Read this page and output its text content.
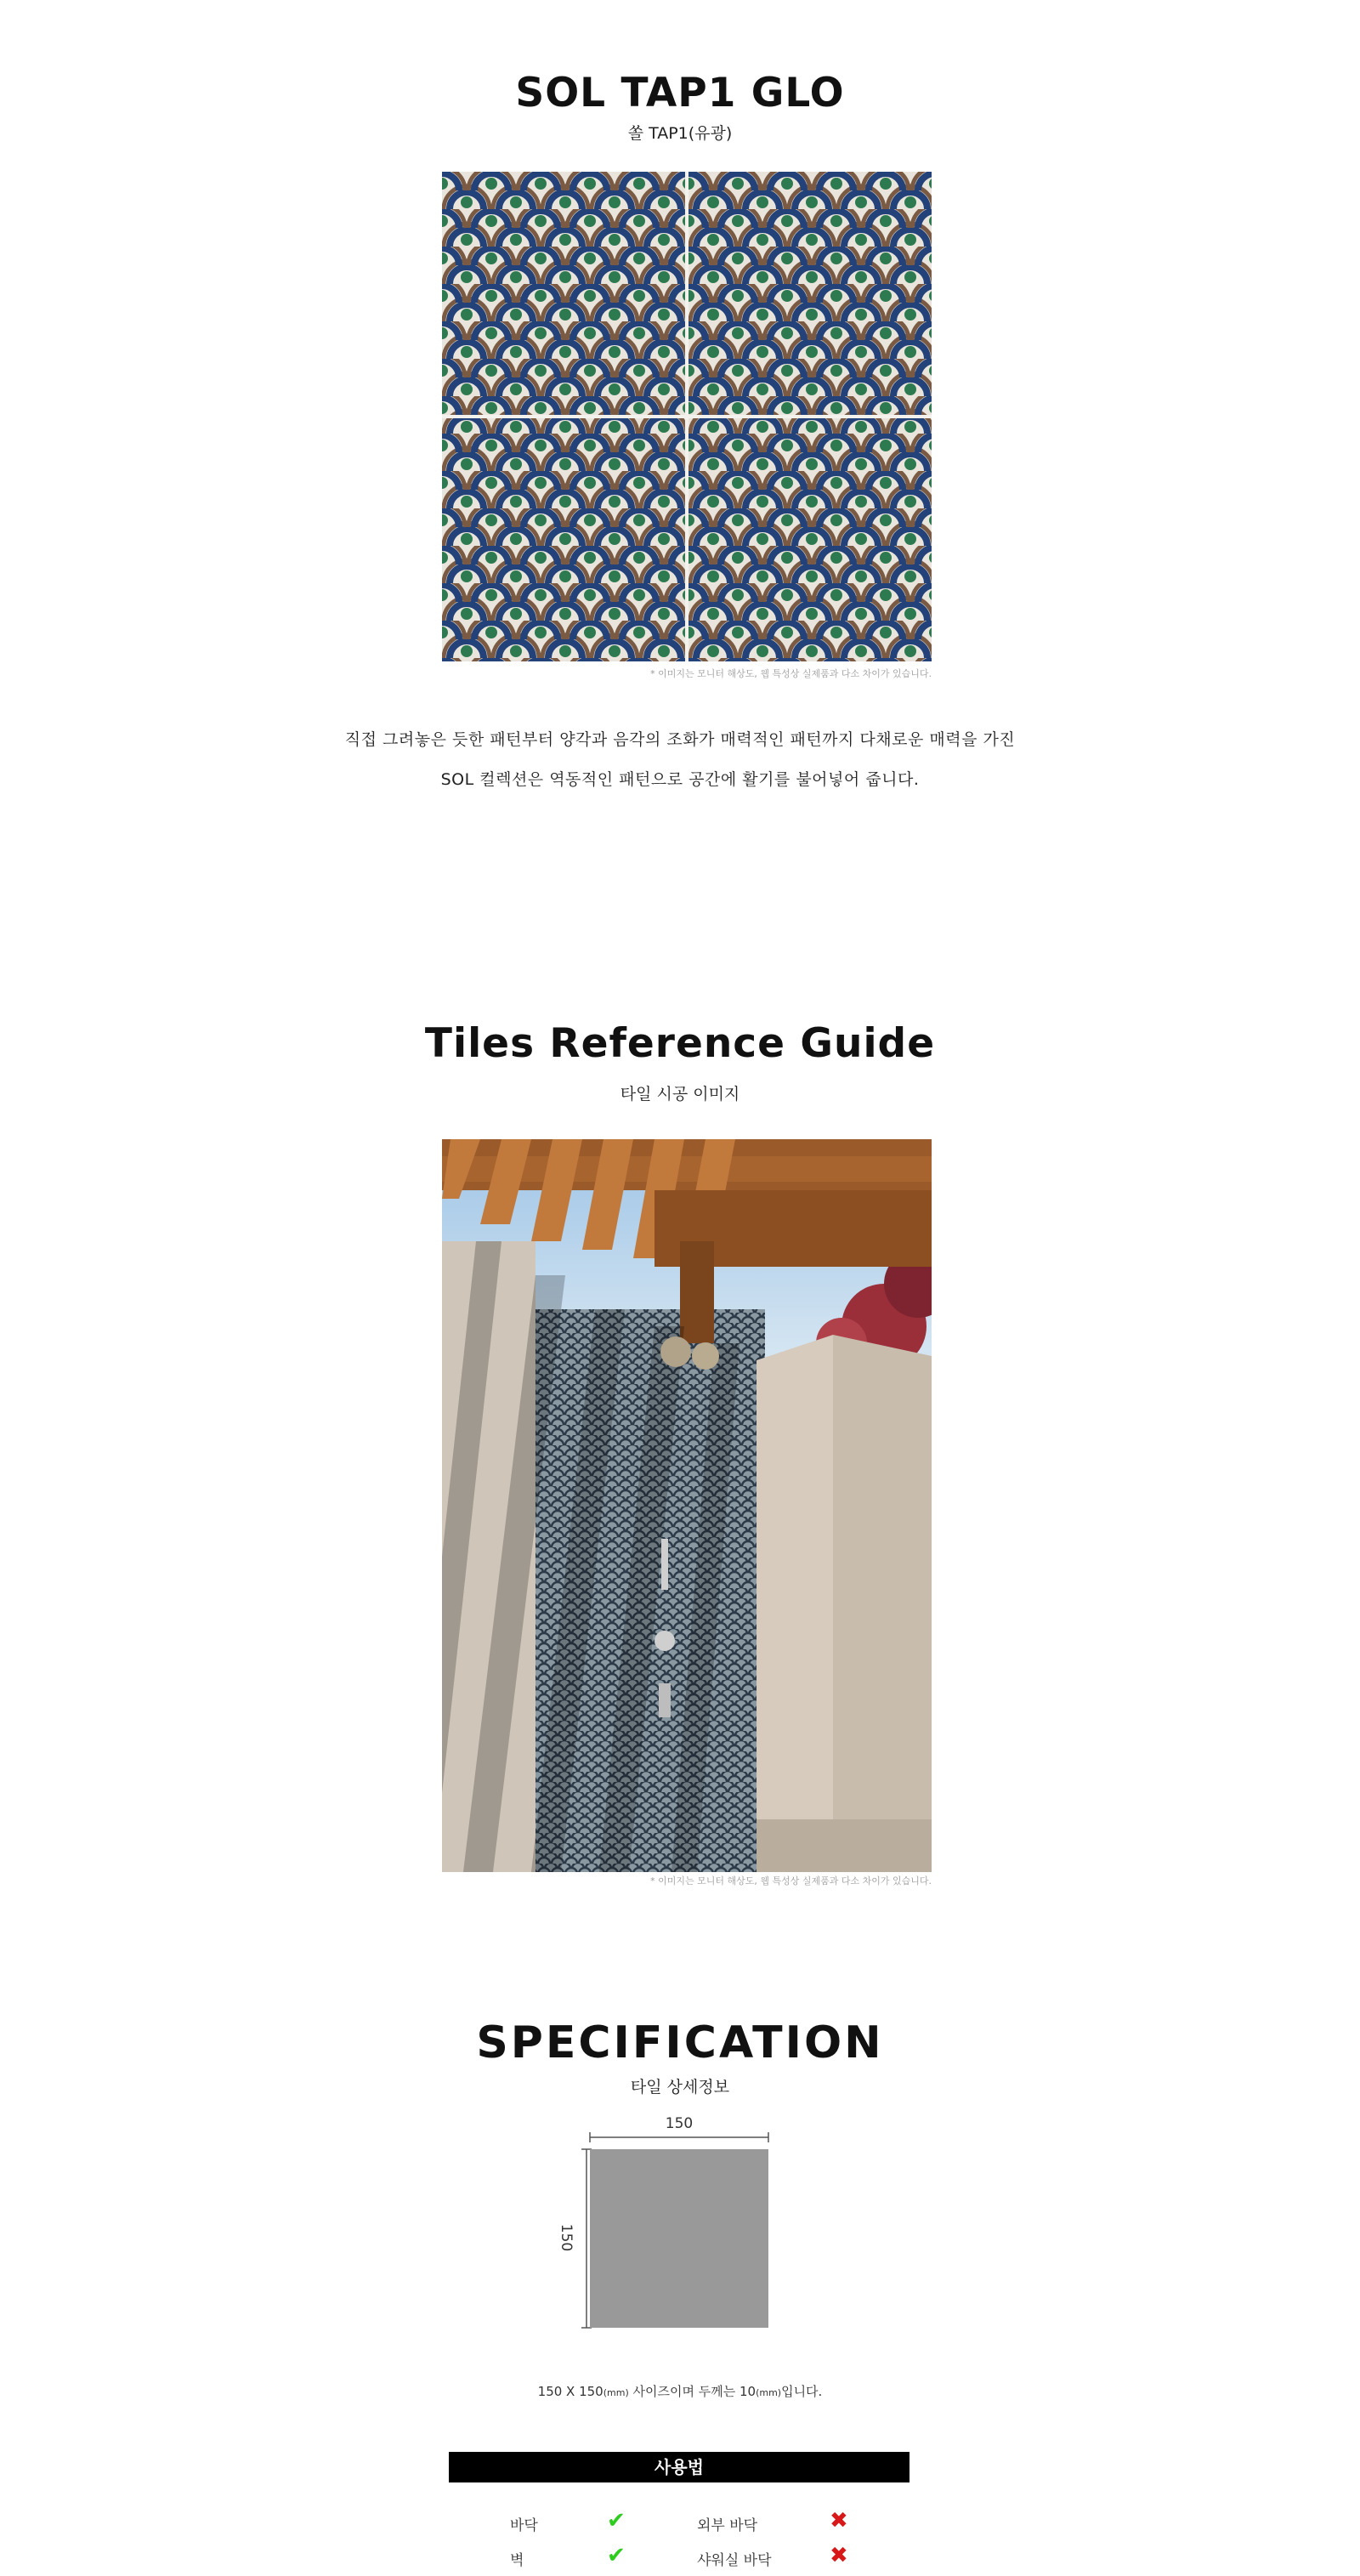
SOL TAP1 GLO
쏠 TAP1(유광)
* 이미지는 모니터 해상도, 웹 특성상 실제품과 다소 차이가 있습니다.
직접 그려놓은 듯한 패턴부터 양각과 음각의 조화가 매력적인 패턴까지 다채로운 매력을 가진
SOL 컬렉션은 역동적인 패턴으로 공간에 활기를 불어넣어 줍니다.
Tiles Reference Guide
타일 시공 이미지
* 이미지는 모니터 해상도, 웹 특성상 실제품과 다소 차이가 있습니다.
SPECIFICATION
타일 상세정보
150
150
150 X 150(mm) 사이즈이며 두께는 10(mm)입니다.
사용법
바닥	✔	외부 바닥	✖
벽	✔	샤워실 바닥	✖
